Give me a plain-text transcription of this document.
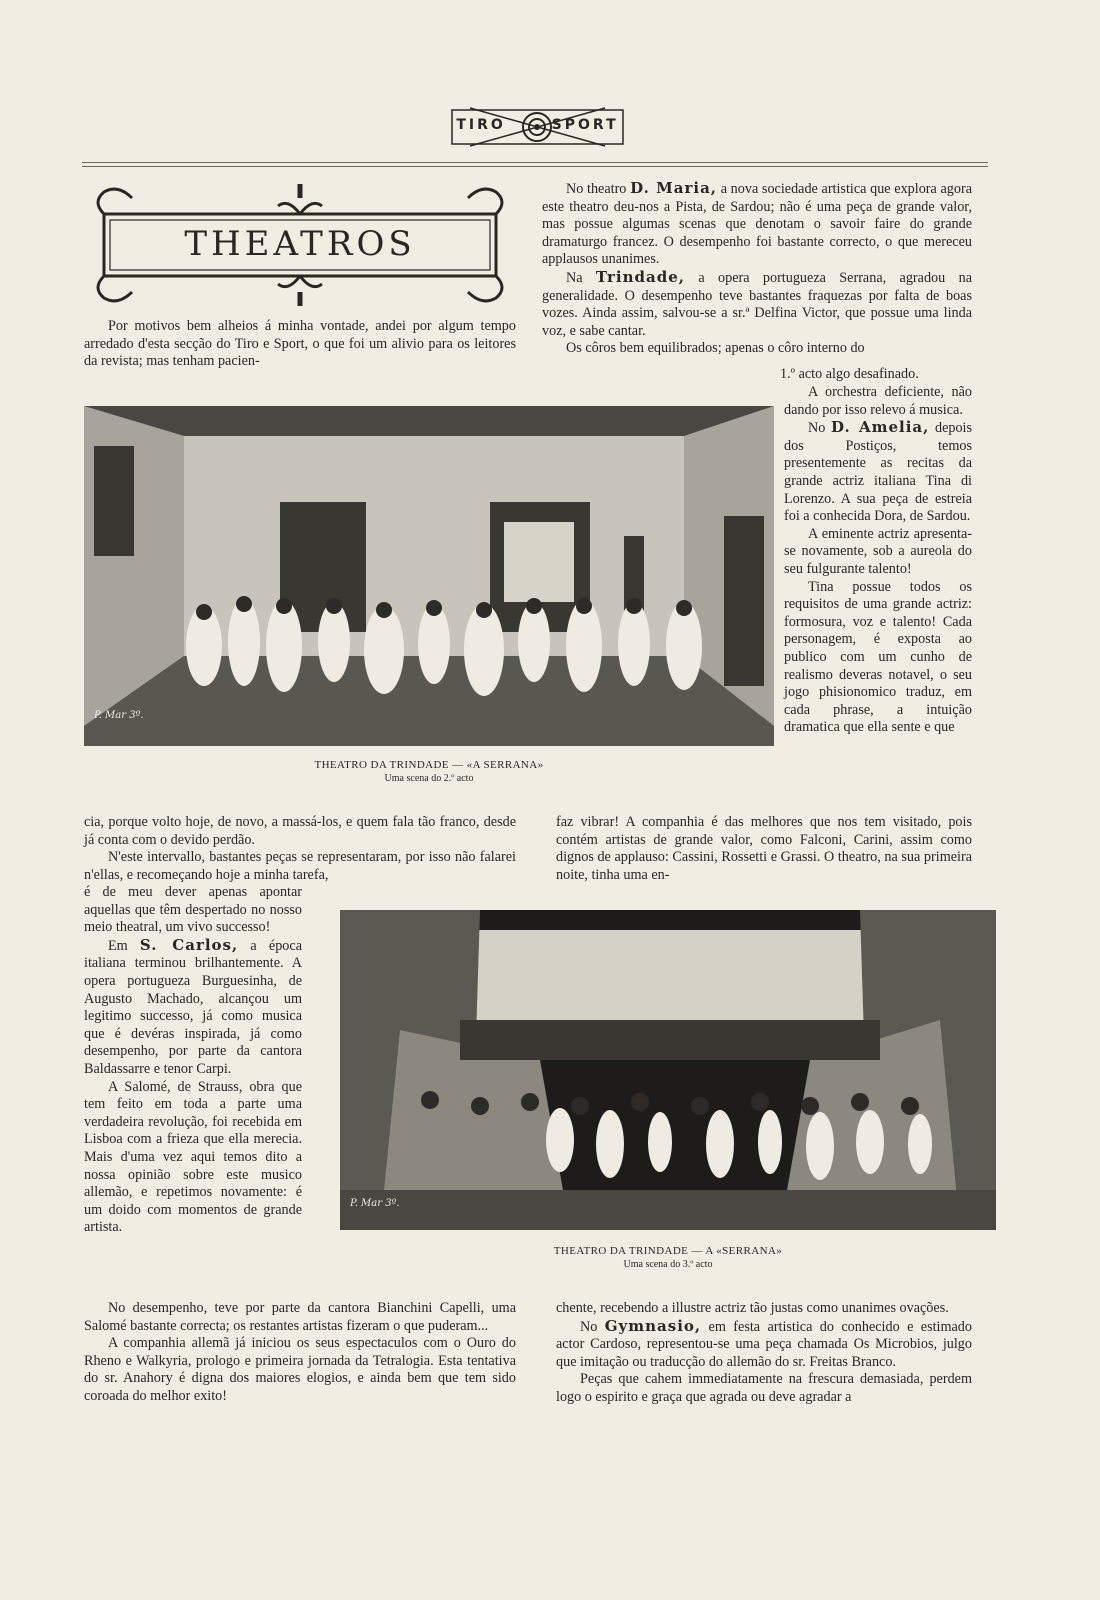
TIRO SPORT
THEATROS

Por motivos bem alheios á minha vontade, andei por algum tempo arredado d'esta secção do Tiro e Sport, o que foi um alivio para os leitores da revista; mas tenham pacien-

No theatro D. Maria, a nova sociedade artistica que explora agora este theatro deu-nos a Pista, de Sardou; não é uma peça de grande valor, mas possue algumas scenas que denotam o savoir faire do grande dramaturgo francez. O desempenho foi bastante correcto, o que mereceu applausos unanimes.

Na Trindade, a opera portugueza Serrana, agradou na generalidade. O desempenho teve bastantes fraquezas por falta de boas vozes. Ainda assim, salvou-se a sr.ª Delfina Victor, que possue uma linda voz, e sabe cantar.

Os côros bem equilibrados; apenas o côro interno do

1.º acto algo desafinado.

A orchestra deficiente, não dando por isso relevo á musica.

No D. Amelia, depois dos Postiços, temos presentemente as recitas da grande actriz italiana Tina di Lorenzo. A sua peça de estreia foi a conhecida Dora, de Sardou.

A eminente actriz apresenta-se novamente, sob a aureola do seu fulgurante talento!

Tina possue todos os requisitos de uma grande actriz: formosura, voz e talento! Cada personagem, é exposta ao publico com um cunho de realismo deveras notavel, o seu jogo phisionomico traduz, em cada phrase, a intuição dramatica que ella sente e que

P. Mar 3º.
THEATRO DA TRINDADE — «A SERRANA»
Uma scena do 2.º acto

cia, porque volto hoje, de novo, a massá-los, e quem fala tão franco, desde já conta com o devido perdão.

N'este intervallo, bastantes peças se representaram, por isso não falarei n'ellas, e recomeçando hoje a minha tarefa,

faz vibrar! A companhia é das melhores que nos tem visitado, pois contém artistas de grande valor, como Falconi, Carini, assim como dignos de applauso: Cassini, Rossetti e Grassi. O theatro, na sua primeira noite, tinha uma en-

é de meu dever apenas apontar aquellas que têm despertado no nosso meio theatral, um vivo successo!

Em S. Carlos, a época italiana terminou brilhantemente. A opera portugueza Burguesinha, de Augusto Machado, alcançou um legitimo successo, já como musica que é devéras inspirada, já como desempenho, por parte da cantora Baldassarre e tenor Carpi.

A Salomé, de Strauss, obra que tem feito em toda a parte uma verdadeira revolução, foi recebida em Lisboa com a frieza que ella merecia. Mais d'uma vez aqui temos dito a nossa opinião sobre este musico allemão, e repetimos novamente: é um doido com momentos de grande artista.

P. Mar 3º.
THEATRO DA TRINDADE — A «SERRANA»
Uma scena do 3.º acto

No desempenho, teve por parte da cantora Bianchini Capelli, uma Salomé bastante correcta; os restantes artistas fizeram o que puderam...

A companhia allemã já iniciou os seus espectaculos com o Ouro do Rheno e Walkyria, prologo e primeira jornada da Tetralogia. Esta tentativa do sr. Anahory é digna dos maiores elogios, e ainda bem que tem sido coroada do melhor exito!

chente, recebendo a illustre actriz tão justas como unanimes ovações.

No Gymnasio, em festa artistica do conhecido e estimado actor Cardoso, representou-se uma peça chamada Os Microbios, julgo que imitação ou traducção do allemão do sr. Freitas Branco.

Peças que cahem immediatamente na frescura demasiada, perdem logo o espirito e graça que agrada ou deve agradar a
